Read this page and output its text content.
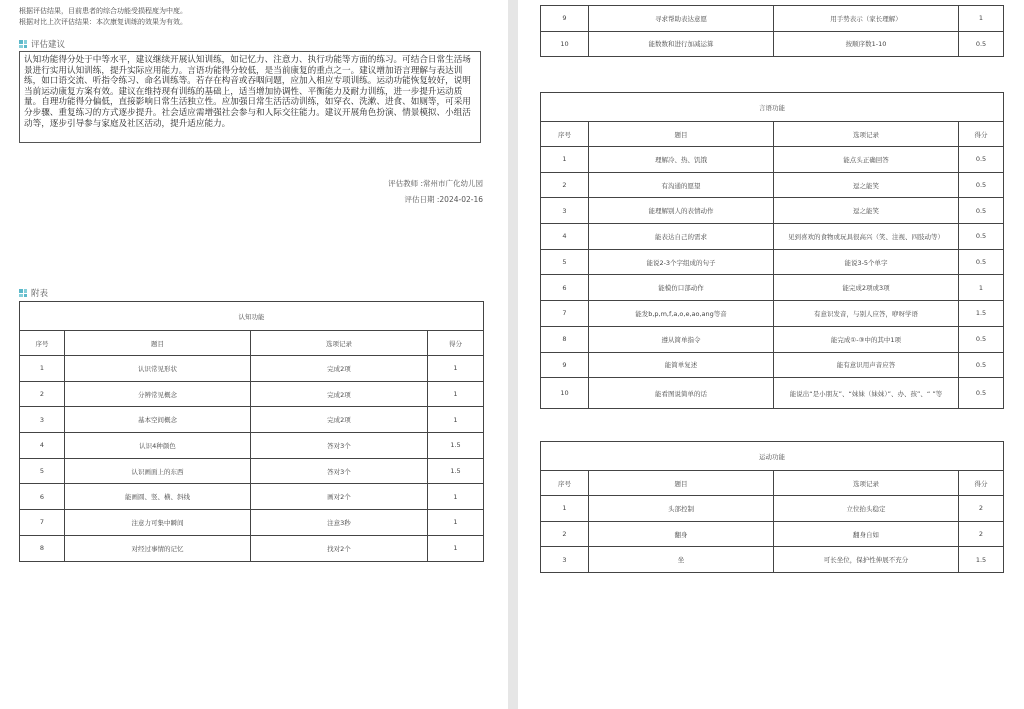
根据评估结果，目前患者的综合功能受损程度为中度。
根据对比上次评估结果：本次康复训练的效果为有效。
评估建议
认知功能得分处于中等水平，建议继续开展认知训练，如记忆力、注意力、执行功能等方面的练习。可结合日常生活场景进行实用认知训练，提升实际应用能力。言语功能得分较低，是当前康复的重点之一。建议增加语言理解与表达训练，如口语交流、听指令练习、命名训练等。若存在构音或吞咽问题，应加入相应专项训练。运动功能恢复较好，说明当前运动康复方案有效。建议在维持现有训练的基础上，适当增加协调性、平衡能力及耐力训练，进一步提升运动质量。自理功能得分偏低，直接影响日常生活独立性。应加强日常生活活动训练，如穿衣、洗漱、进食、如厕等，可采用分步骤、重复练习的方式逐步提升。社会适应需增强社会参与和人际交往能力。建议开展角色扮演、情景模拟、小组活动等，逐步引导参与家庭及社区活动，提升适应能力。
评估教师 :常州市广化幼儿园
评估日期 :2024-02-16
附表
认知功能			
序号	题目	选项记录	得分
1	认识常见形状	完成2项	1
2	分辨常见概念	完成2项	1
3	基本空间概念	完成2项	1
4	认识4种颜色	答对3个	1.5
5	认识画面上的东西	答对3个	1.5
6	能画圆、竖、横、斜线	画对2个	1
7	注意力可集中瞬间	注意3秒	1
8	对经过事情的记忆	找对2个	1
9	寻求帮助表达意愿	用手势表示（家长理解）	1
10	能数数和进行加减运算	按顺序数1-10	0.5
言语功能			
序号	题目	选项记录	得分
1	理解冷、热、饥饿	能点头正确回答	0.5
2	有沟通的愿望	逗之能笑	0.5
3	能理解别人的表情动作	逗之能笑	0.5
4	能表达自己的需求	见到喜欢的食物或玩具很高兴（笑、注视、四肢动等）	0.5
5	能说2-3个字组成的句子	能说3-5个单字	0.5
6	能模仿口部动作	能完成2项或3项	1
7	能发b,p,m,f,a,o,e,ao,ang等音	有意识发音，与别人应答，咿呀学语	1.5
8	遵从简单指令	能完成①-③中的其中1项	0.5
9	能简单复述	能有意识用声音应答	0.5
10	能看图说简单的话	能说出“是小朋友”、“妹妹（妹妹）”、办、孩”、“ ”等	0.5
运动功能			
序号	题目	选项记录	得分
1	头部控制	立位抬头稳定	2
2	翻身	翻身自如	2
3	坐	可长坐位，保护性伸展不充分	1.5
